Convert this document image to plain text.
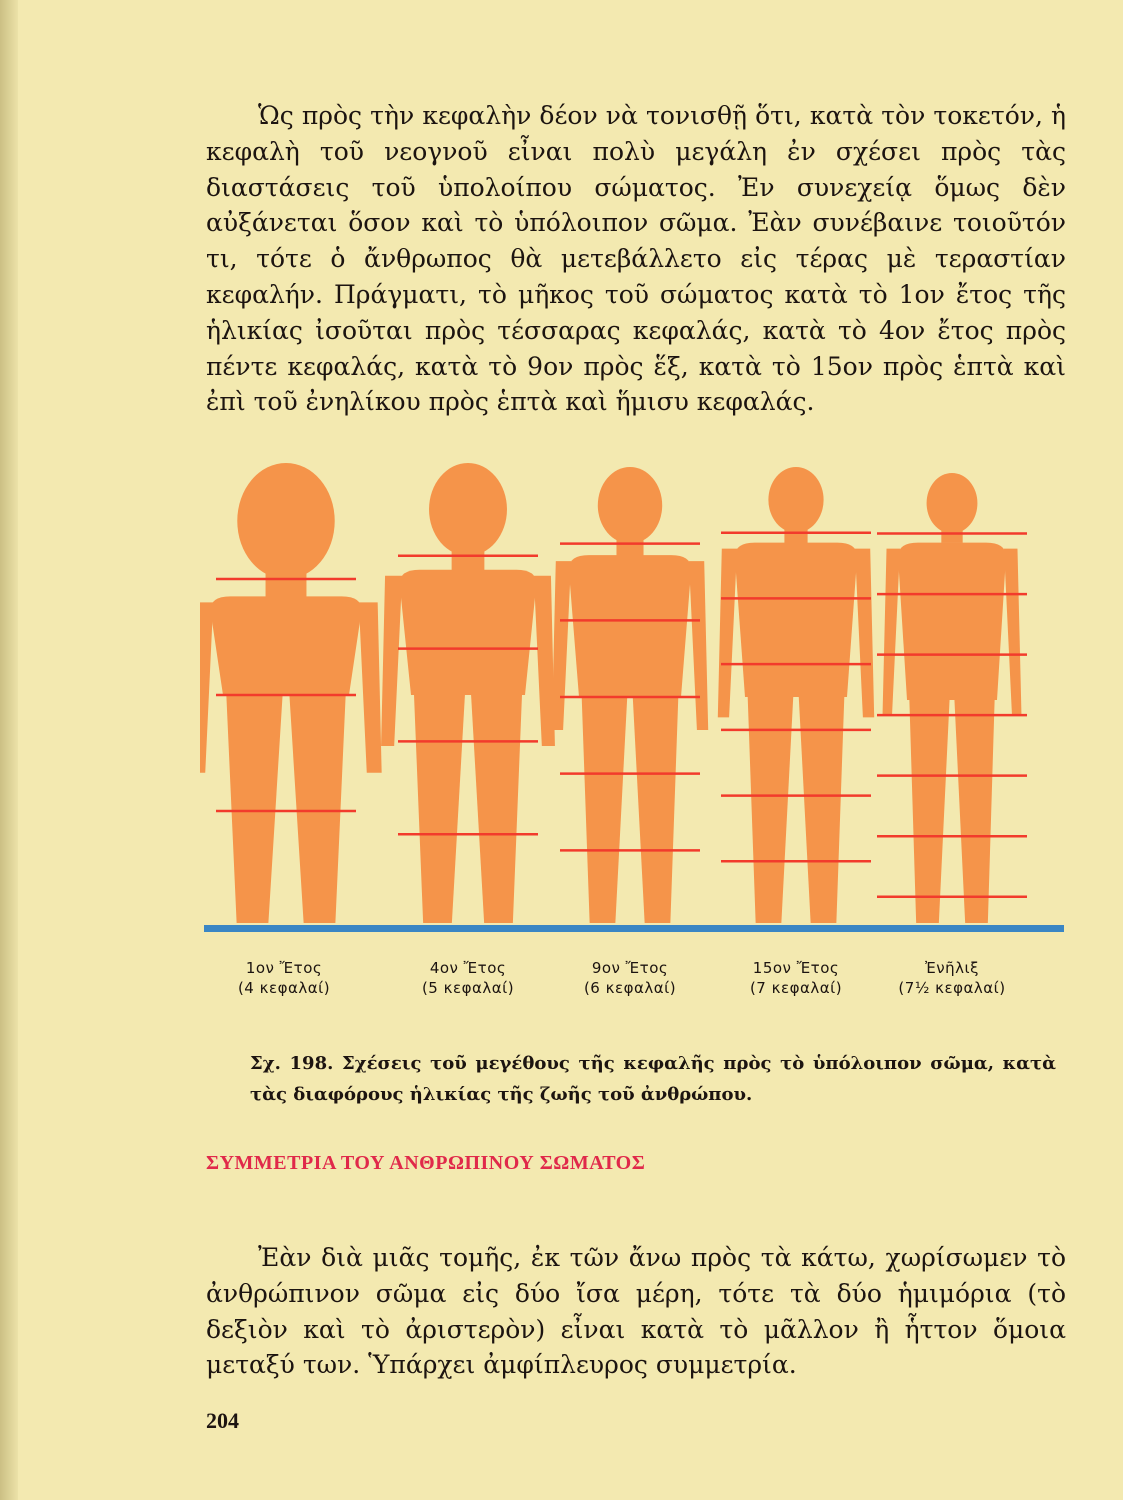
Ὡς πρὸς τὴν κεφαλὴν δέον νὰ τονισθῇ ὅτι, κατὰ τὸν τοκετόν, ἡ κεφαλὴ τοῦ νεογνοῦ εἶναι πολὺ μεγάλη ἐν σχέσει πρὸς τὰς διαστάσεις τοῦ ὑπολοίπου σώματος. Ἐν συνεχείᾳ ὅμως δὲν αὐξάνεται ὅσον καὶ τὸ ὑπόλοιπον σῶμα. Ἐὰν συνέβαινε τοιοῦτόν τι, τότε ὁ ἄνθρωπος θὰ μετεβάλλετο εἰς τέρας μὲ τεραστίαν κεφαλήν. Πράγματι, τὸ μῆκος τοῦ σώματος κατὰ τὸ 1ον ἔτος τῆς ἡλικίας ἰσοῦται πρὸς τέσσαρας κεφαλάς, κατὰ τὸ 4ον ἔτος πρὸς πέντε κεφαλάς, κατὰ τὸ 9ον πρὸς ἕξ, κατὰ τὸ 15ον πρὸς ἑπτὰ καὶ ἐπὶ τοῦ ἐνηλίκου πρὸς ἑπτὰ καὶ ἥμισυ κεφαλάς.

1ον Ἔτος
(4 κεφαλαί)
4ον Ἔτος
(5 κεφαλαί)
9ον Ἔτος
(6 κεφαλαί)
15ον Ἔτος
(7 κεφαλαί)
Ἐνῆλιξ
(7½ κεφαλαί)

Σχ. 198. Σχέσεις τοῦ μεγέθους τῆς κεφαλῆς πρὸς τὸ ὑπόλοιπον σῶμα, κατὰ τὰς διαφόρους ἡλικίας τῆς ζωῆς τοῦ ἀνθρώπου.

ΣΥΜΜΕΤΡΙΑ ΤΟΥ ΑΝΘΡΩΠΙΝΟΥ ΣΩΜΑΤΟΣ

Ἐὰν διὰ μιᾶς τομῆς, ἐκ τῶν ἄνω πρὸς τὰ κάτω, χωρίσωμεν τὸ ἀνθρώπινον σῶμα εἰς δύο ἴσα μέρη, τότε τὰ δύο ἡμιμόρια (τὸ δεξιὸν καὶ τὸ ἀριστερὸν) εἶναι κατὰ τὸ μᾶλλον ἢ ἧττον ὅμοια μεταξύ των. Ὑπάρχει ἀμφίπλευρος συμμετρία.

204
